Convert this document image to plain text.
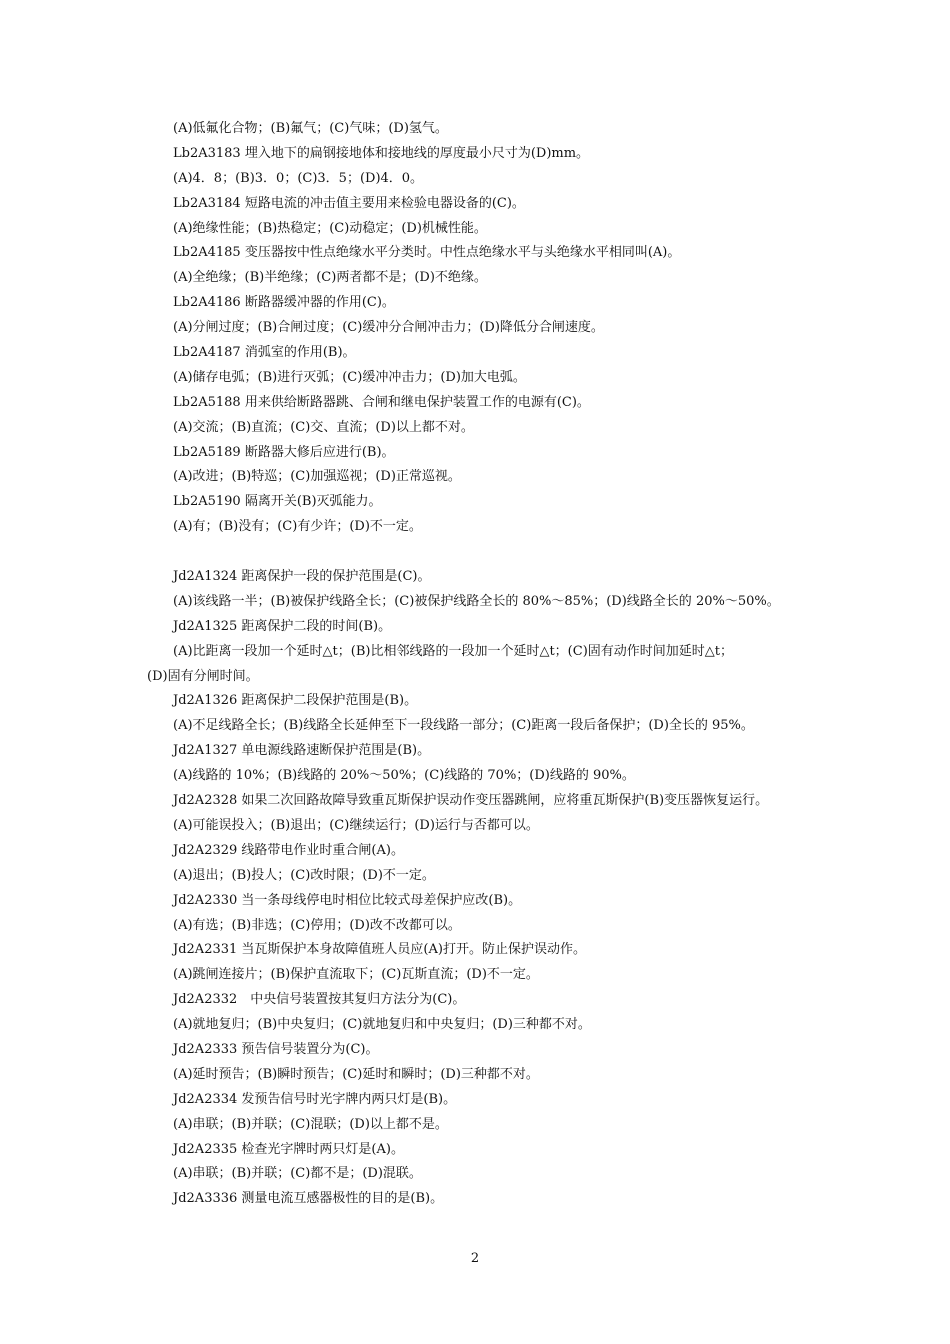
(A)低氟化合物；(B)氟气；(C)气味；(D)氢气。
Lb2A3183 埋入地下的扁钢接地体和接地线的厚度最小尺寸为(D)mm。
(A)4．8；(B)3．0；(C)3．5；(D)4．0。
Lb2A3184 短路电流的冲击值主要用来检验电器设备的(C)。
(A)绝缘性能；(B)热稳定；(C)动稳定；(D)机械性能。
Lb2A4185 变压器按中性点绝缘水平分类时。中性点绝缘水平与头绝缘水平相同叫(A)。
(A)全绝缘；(B)半绝缘；(C)两者都不是；(D)不绝缘。
Lb2A4186 断路器缓冲器的作用(C)。
(A)分闸过度；(B)合闸过度；(C)缓冲分合闸冲击力；(D)降低分合闸速度。
Lb2A4187 消弧室的作用(B)。
(A)储存电弧；(B)进行灭弧；(C)缓冲冲击力；(D)加大电弧。
Lb2A5188 用来供给断路器跳、合闸和继电保护装置工作的电源有(C)。
(A)交流；(B)直流；(C)交、直流；(D)以上都不对。
Lb2A5189 断路器大修后应进行(B)。
(A)改进；(B)特巡；(C)加强巡视；(D)正常巡视。
Lb2A5190 隔离开关(B)灭弧能力。
(A)有；(B)没有；(C)有少许；(D)不一定。
Jd2A1324 距离保护一段的保护范围是(C)。
(A)该线路一半；(B)被保护线路全长；(C)被保护线路全长的 80%～85%；(D)线路全长的 20%～50%。
Jd2A1325 距离保护二段的时间(B)。
(A)比距离一段加一个延时△t；(B)比相邻线路的一段加一个延时△t；(C)固有动作时间加延时△t；
(D)固有分闸时间。
Jd2A1326 距离保护二段保护范围是(B)。
(A)不足线路全长；(B)线路全长延伸至下一段线路一部分；(C)距离一段后备保护；(D)全长的 95%。
Jd2A1327 单电源线路速断保护范围是(B)。
(A)线路的 10%；(B)线路的 20%～50%；(C)线路的 70%；(D)线路的 90%。
Jd2A2328 如果二次回路故障导致重瓦斯保护误动作变压器跳闸，应将重瓦斯保护(B)变压器恢复运行。
(A)可能误投入；(B)退出；(C)继续运行；(D)运行与否都可以。
Jd2A2329 线路带电作业时重合闸(A)。
(A)退出；(B)投人；(C)改时限；(D)不一定。
Jd2A2330 当一条母线停电时相位比较式母差保护应改(B)。
(A)有选；(B)非选；(C)停用；(D)改不改都可以。
Jd2A2331 当瓦斯保护本身故障值班人员应(A)打开。防止保护误动作。
(A)跳闸连接片；(B)保护直流取下；(C)瓦斯直流；(D)不一定。
Jd2A2332　中央信号装置按其复归方法分为(C)。
(A)就地复归；(B)中央复归；(C)就地复归和中央复归；(D)三种都不对。
Jd2A2333 预告信号装置分为(C)。
(A)延时预告；(B)瞬时预告；(C)延时和瞬时；(D)三种都不对。
Jd2A2334 发预告信号时光字牌内两只灯是(B)。
(A)串联；(B)并联；(C)混联；(D)以上都不是。
Jd2A2335 检查光字牌时两只灯是(A)。
(A)串联；(B)并联；(C)都不是；(D)混联。
Jd2A3336 测量电流互感器极性的目的是(B)。
2
